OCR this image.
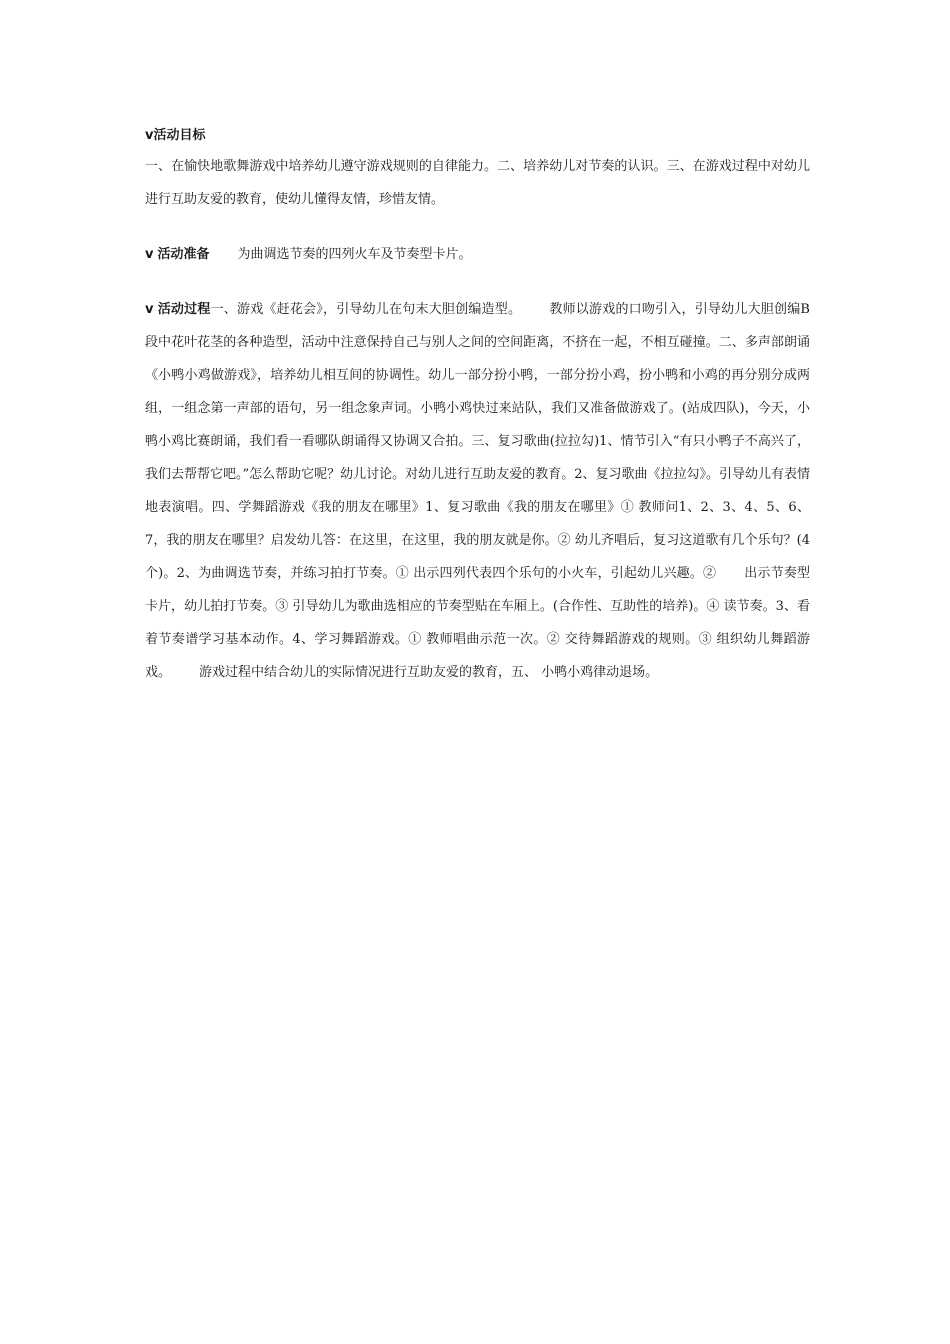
v活动目标

一、在愉快地歌舞游戏中培养幼儿遵守游戏规则的自律能力。二、培养幼儿对节奏的认识。三、在游戏过程中对幼儿进行互助友爱的教育，使幼儿懂得友情，珍惜友情。

v 活动准备 为曲调选节奏的四列火车及节奏型卡片。

v 活动过程一、游戏《赶花会》，引导幼儿在句末大胆创编造型。 教师以游戏的口吻引入，引导幼儿大胆创编B段中花叶花茎的各种造型，活动中注意保持自己与别人之间的空间距离，不挤在一起，不相互碰撞。二、多声部朗诵《小鸭小鸡做游戏》，培养幼儿相互间的协调性。幼儿一部分扮小鸭，一部分扮小鸡，扮小鸭和小鸡的再分别分成两组，一组念第一声部的语句，另一组念象声词。小鸭小鸡快过来站队，我们又准备做游戏了。(站成四队)，今天，小鸭小鸡比赛朗诵，我们看一看哪队朗诵得又协调又合拍。三、复习歌曲(拉拉勾)1、情节引入“有只小鸭子不高兴了，我们去帮帮它吧。”怎么帮助它呢？幼儿讨论。对幼儿进行互助友爱的教育。2、复习歌曲《拉拉勾》。引导幼儿有表情地表演唱。四、学舞蹈游戏《我的朋友在哪里》1、复习歌曲《我的朋友在哪里》① 教师问1、2、3、4、5、6、7，我的朋友在哪里？启发幼儿答：在这里，在这里，我的朋友就是你。② 幼儿齐唱后，复习这道歌有几个乐句？(4个)。2、为曲调选节奏，并练习拍打节奏。① 出示四列代表四个乐句的小火车，引起幼儿兴趣。② 出示节奏型卡片，幼儿拍打节奏。③ 引导幼儿为歌曲选相应的节奏型贴在车厢上。(合作性、互助性的培养)。④ 读节奏。3、看着节奏谱学习基本动作。4、学习舞蹈游戏。① 教师唱曲示范一次。② 交待舞蹈游戏的规则。③ 组织幼儿舞蹈游戏。 游戏过程中结合幼儿的实际情况进行互助友爱的教育，五、 小鸭小鸡律动退场。
